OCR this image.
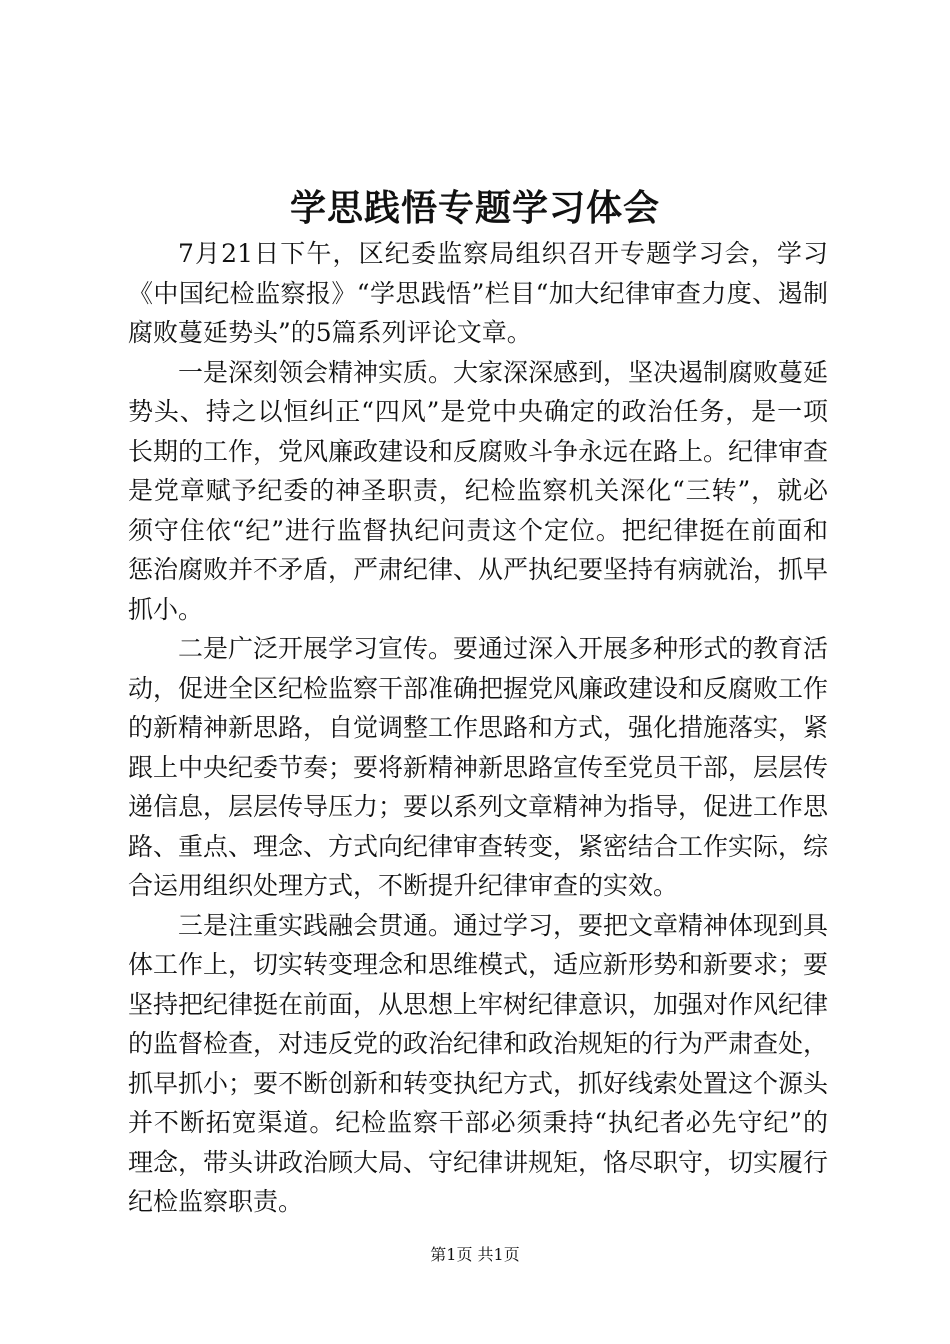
学思践悟专题学习体会

7月21日下午，区纪委监察局组织召开专题学习会，学习《中国纪检监察报》“学思践悟”栏目“加大纪律审查力度、遏制腐败蔓延势头”的5篇系列评论文章。

一是深刻领会精神实质。大家深深感到，坚决遏制腐败蔓延势头、持之以恒纠正“四风”是党中央确定的政治任务，是一项长期的工作，党风廉政建设和反腐败斗争永远在路上。纪律审查是党章赋予纪委的神圣职责，纪检监察机关深化“三转”，就必须守住依“纪”进行监督执纪问责这个定位。把纪律挺在前面和惩治腐败并不矛盾，严肃纪律、从严执纪要坚持有病就治，抓早抓小。

二是广泛开展学习宣传。要通过深入开展多种形式的教育活动，促进全区纪检监察干部准确把握党风廉政建设和反腐败工作的新精神新思路，自觉调整工作思路和方式，强化措施落实，紧跟上中央纪委节奏；要将新精神新思路宣传至党员干部，层层传递信息，层层传导压力；要以系列文章精神为指导，促进工作思路、重点、理念、方式向纪律审查转变，紧密结合工作实际，综合运用组织处理方式，不断提升纪律审查的实效。

三是注重实践融会贯通。通过学习，要把文章精神体现到具体工作上，切实转变理念和思维模式，适应新形势和新要求；要坚持把纪律挺在前面，从思想上牢树纪律意识，加强对作风纪律的监督检查，对违反党的政治纪律和政治规矩的行为严肃查处，抓早抓小；要不断创新和转变执纪方式，抓好线索处置这个源头并不断拓宽渠道。纪检监察干部必须秉持“执纪者必先守纪”的理念，带头讲政治顾大局、守纪律讲规矩，恪尽职守，切实履行纪检监察职责。

第1页 共1页
